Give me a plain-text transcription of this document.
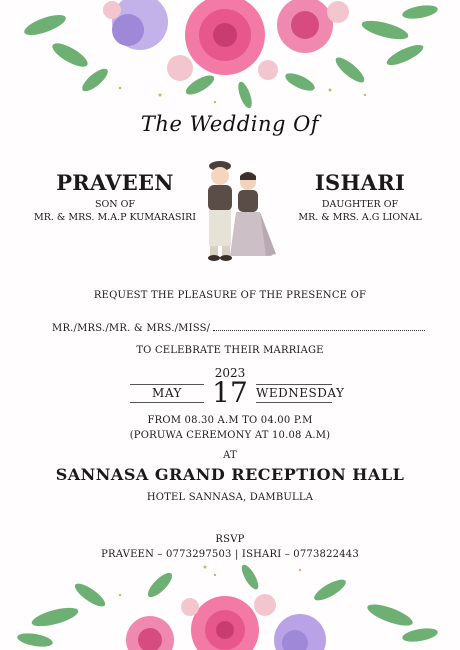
The Wedding Of
PRAVEEN
SON OF
MR. & MRS. M.A.P KUMARASIRI
ISHARI
DAUGHTER OF
MR. & MRS. A.G LIONAL
REQUEST THE PLEASURE OF THE PRESENCE OF
MR./MRS./MR. & MRS./MISS/
TO CELEBRATE THEIR MARRIAGE
2023
MAY	17 WEDNESDAY
FROM 08.30 A.M TO 04.00 P.M
(PORUWA CEREMONY AT 10.08 A.M)
AT
SANNASA GRAND RECEPTION HALL
HOTEL SANNASA, DAMBULLA
RSVP
PRAVEEN – 0773297503 | ISHARI – 0773822443
